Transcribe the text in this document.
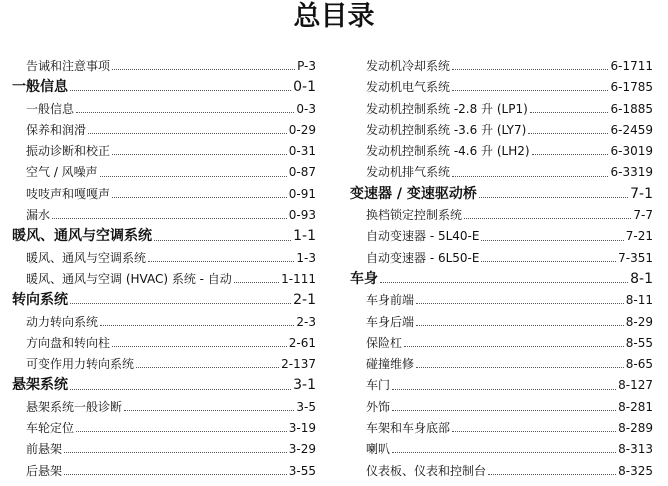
总目录
告诫和注意事项	P-3
一般信息	0-1
一般信息	0-3
保养和润滑	0-29
振动诊断和校正	0-31
空气 / 风噪声	0-87
吱吱声和嘎嘎声	0-91
漏水	0-93
暖风、通风与空调系统	1-1
暖风、通风与空调系统	1-3
暖风、通风与空调 (HVAC) 系统 - 自动	1-111
转向系统	2-1
动力转向系统	2-3
方向盘和转向柱	2-61
可变作用力转向系统	2-137
悬架系统	3-1
悬架系统一般诊断	3-5
车轮定位	3-19
前悬架	3-29
后悬架	3-55
发动机冷却系统	6-1711
发动机电气系统	6-1785
发动机控制系统 -2.8 升 (LP1)	6-1885
发动机控制系统 -3.6 升 (LY7)	6-2459
发动机控制系统 -4.6 升 (LH2)	6-3019
发动机排气系统	6-3319
变速器 / 变速驱动桥	7-1
换档锁定控制系统	7-7
自动变速器 - 5L40-E	7-21
自动变速器 - 6L50-E	7-351
车身	8-1
车身前端	8-11
车身后端	8-29
保险杠	8-55
碰撞维修	8-65
车门	8-127
外饰	8-281
车架和车身底部	8-289
喇叭	8-313
仪表板、仪表和控制台	8-325
